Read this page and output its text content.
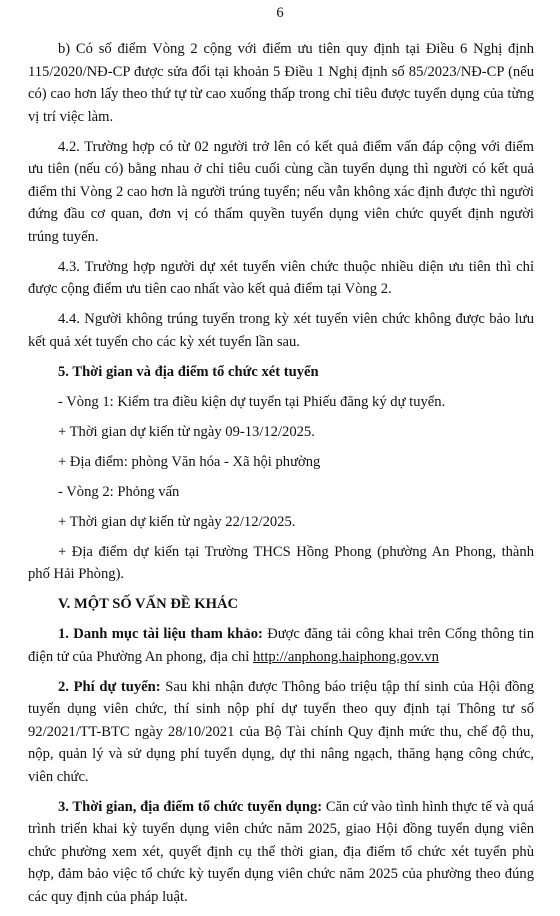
6

b) Có số điểm Vòng 2 cộng với điểm ưu tiên quy định tại Điều 6 Nghị định 115/2020/NĐ-CP được sửa đổi tại khoản 5 Điều 1 Nghị định số 85/2023/NĐ-CP (nếu có) cao hơn lấy theo thứ tự từ cao xuống thấp trong chỉ tiêu được tuyển dụng của từng vị trí việc làm.

4.2. Trường hợp có từ 02 người trở lên có kết quả điểm vấn đáp cộng với điểm ưu tiên (nếu có) bằng nhau ở chỉ tiêu cuối cùng cần tuyển dụng thì người có kết quả điểm thi Vòng 2 cao hơn là người trúng tuyển; nếu vẫn không xác định được thì người đứng đầu cơ quan, đơn vị có thẩm quyền tuyển dụng viên chức quyết định người trúng tuyển.

4.3. Trường hợp người dự xét tuyển viên chức thuộc nhiều diện ưu tiên thì chỉ được cộng điểm ưu tiên cao nhất vào kết quả điểm tại Vòng 2.

4.4. Người không trúng tuyển trong kỳ xét tuyển viên chức không được bảo lưu kết quả xét tuyển cho các kỳ xét tuyển lần sau.

5. Thời gian và địa điểm tổ chức xét tuyển

- Vòng 1: Kiểm tra điều kiện dự tuyển tại Phiếu đăng ký dự tuyển.

+ Thời gian dự kiến từ ngày 09-13/12/2025.

+ Địa điểm: phòng Văn hóa - Xã hội phường

- Vòng 2: Phỏng vấn

+ Thời gian dự kiến từ ngày 22/12/2025.

+ Địa điểm dự kiến tại Trường THCS Hồng Phong (phường An Phong, thành phố Hải Phòng).

V. MỘT SỐ VẤN ĐỀ KHÁC

1. Danh mục tài liệu tham khảo: Được đăng tải công khai trên Cổng thông tin điện tử của Phường An phong, địa chỉ http://anphong.haiphong.gov.vn

2. Phí dự tuyển: Sau khi nhận được Thông báo triệu tập thí sinh của Hội đồng tuyển dụng viên chức, thí sinh nộp phí dự tuyển theo quy định tại Thông tư số 92/2021/TT-BTC ngày 28/10/2021 của Bộ Tài chính Quy định mức thu, chế độ thu, nộp, quản lý và sử dụng phí tuyển dụng, dự thi nâng ngạch, thăng hạng công chức, viên chức.

3. Thời gian, địa điểm tổ chức tuyển dụng: Căn cứ vào tình hình thực tế và quá trình triển khai kỳ tuyển dụng viên chức năm 2025, giao Hội đồng tuyển dụng viên chức phường xem xét, quyết định cụ thể thời gian, địa điểm tổ chức xét tuyển phù hợp, đảm bảo việc tổ chức kỳ tuyển dụng viên chức năm 2025 của phường theo đúng các quy định của pháp luật.
